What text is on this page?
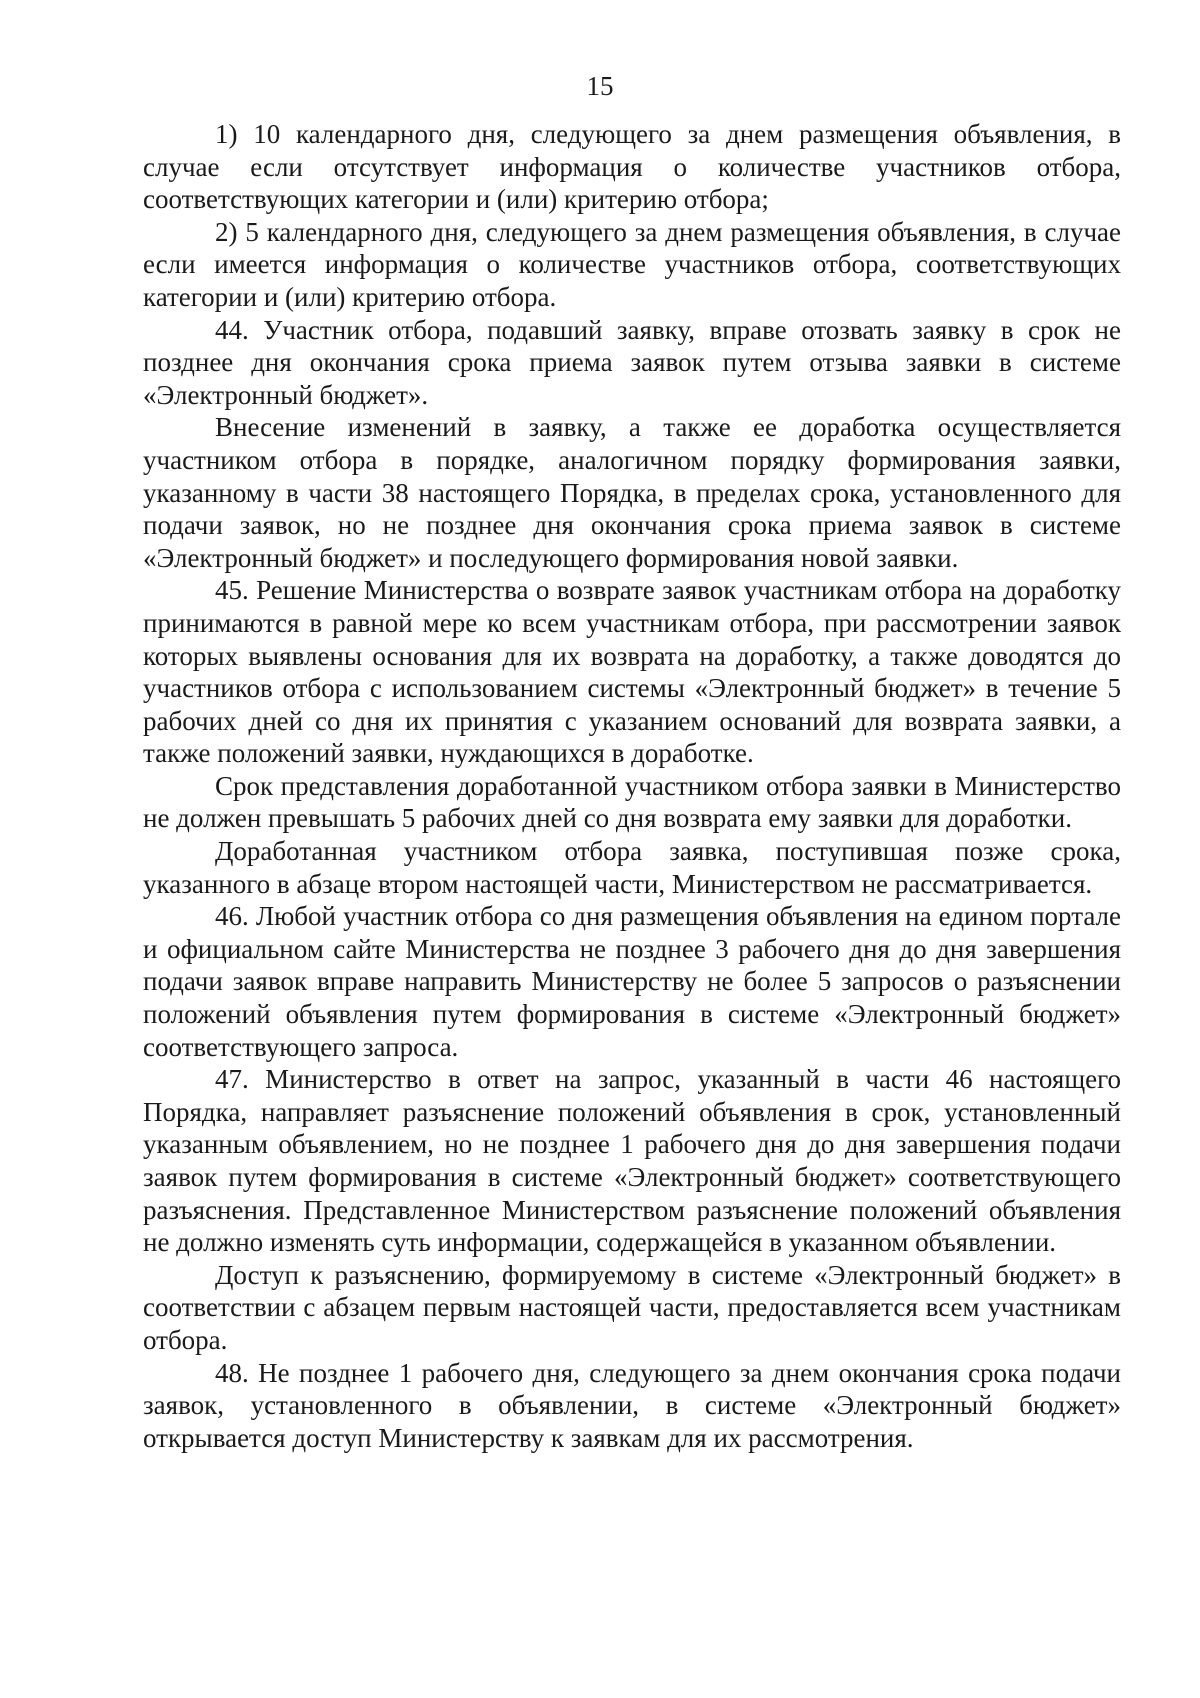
15

1) 10 календарного дня, следующего за днем размещения объявления, в случае если отсутствует информация о количестве участников отбора, соответствующих категории и (или) критерию отбора;

2) 5 календарного дня, следующего за днем размещения объявления, в случае если имеется информация о количестве участников отбора, соответствующих категории и (или) критерию отбора.

44. Участник отбора, подавший заявку, вправе отозвать заявку в срок не позднее дня окончания срока приема заявок путем отзыва заявки в системе «Электронный бюджет».

Внесение изменений в заявку, а также ее доработка осуществляется участником отбора в порядке, аналогичном порядку формирования заявки, указанному в части 38 настоящего Порядка, в пределах срока, установленного для подачи заявок, но не позднее дня окончания срока приема заявок в системе «Электронный бюджет» и последующего формирования новой заявки.

45. Решение Министерства о возврате заявок участникам отбора на доработку принимаются в равной мере ко всем участникам отбора, при рассмотрении заявок которых выявлены основания для их возврата на доработку, а также доводятся до участников отбора с использованием системы «Электронный бюджет» в течение 5 рабочих дней со дня их принятия с указанием оснований для возврата заявки, а также положений заявки, нуждающихся в доработке.

Срок представления доработанной участником отбора заявки в Министерство не должен превышать 5 рабочих дней со дня возврата ему заявки для доработки.

Доработанная участником отбора заявка, поступившая позже срока, указанного в абзаце втором настоящей части, Министерством не рассматривается.

46. Любой участник отбора со дня размещения объявления на едином портале и официальном сайте Министерства не позднее 3 рабочего дня до дня завершения подачи заявок вправе направить Министерству не более 5 запросов о разъяснении положений объявления путем формирования в системе «Электронный бюджет» соответствующего запроса.

47. Министерство в ответ на запрос, указанный в части 46 настоящего Порядка, направляет разъяснение положений объявления в срок, установленный указанным объявлением, но не позднее 1 рабочего дня до дня завершения подачи заявок путем формирования в системе «Электронный бюджет» соответствующего разъяснения. Представленное Министерством разъяснение положений объявления не должно изменять суть информации, содержащейся в указанном объявлении.

Доступ к разъяснению, формируемому в системе «Электронный бюджет» в соответствии с абзацем первым настоящей части, предоставляется всем участникам отбора.

48. Не позднее 1 рабочего дня, следующего за днем окончания срока подачи заявок, установленного в объявлении, в системе «Электронный бюджет» открывается доступ Министерству к заявкам для их рассмотрения.
